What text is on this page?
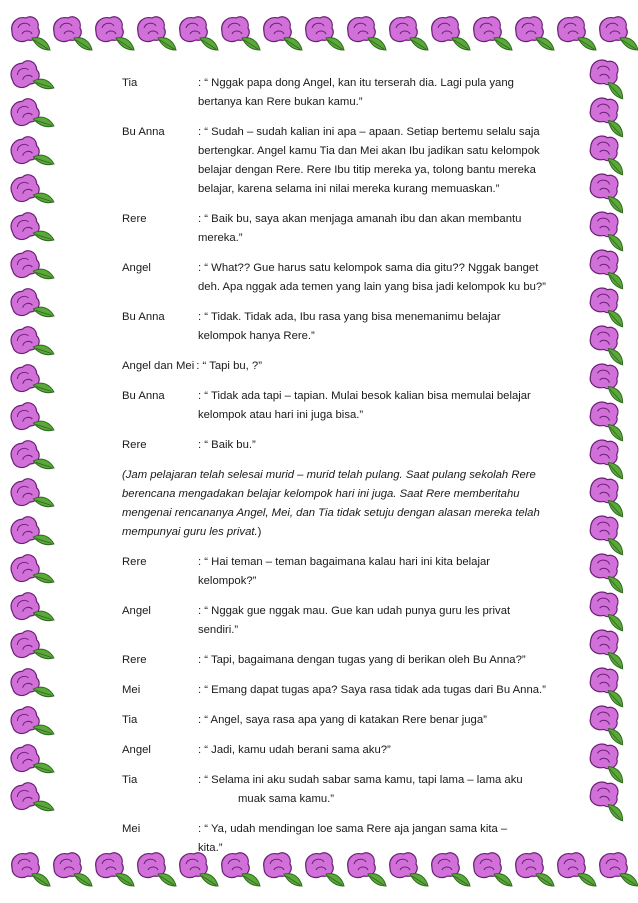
Tia	: “ Nggak papa dong Angel, kan itu terserah dia. Lagi pula yang
bertanya kan Rere bukan kamu.”
Bu Anna	: “ Sudah – sudah kalian ini apa – apaan. Setiap bertemu selalu saja
bertengkar. Angel kamu Tia dan Mei akan Ibu jadikan satu kelompok
belajar dengan Rere. Rere Ibu titip mereka ya, tolong bantu mereka
belajar, karena selama ini nilai mereka kurang memuaskan.”
Rere	: “ Baik bu, saya akan menjaga amanah ibu dan akan membantu
mereka.”
Angel	: “ What?? Gue harus satu kelompok sama dia gitu?? Nggak banget
deh. Apa nggak ada temen yang lain yang bisa jadi kelompok ku bu?”
Bu Anna	: “ Tidak. Tidak ada, Ibu rasa yang bisa menemanimu belajar
kelompok hanya Rere.”
Angel dan Mei : “ Tapi bu, ?”
Bu Anna	: “ Tidak ada tapi – tapian. Mulai besok kalian bisa memulai belajar
kelompok atau hari ini juga bisa.”
Rere	: “ Baik bu.”
(Jam pelajaran telah selesai murid – murid telah pulang. Saat pulang sekolah Rere
berencana mengadakan belajar kelompok hari ini juga. Saat Rere memberitahu
mengenai rencananya Angel, Mei, dan Tia tidak setuju dengan alasan mereka telah
mempunyai guru les privat.)
Rere	: “ Hai teman – teman bagaimana kalau hari ini kita belajar
kelompok?”
Angel	: “ Nggak gue nggak mau. Gue kan udah punya guru les privat
sendiri.”
Rere	: “ Tapi, bagaimana dengan tugas yang di berikan oleh Bu Anna?”
Mei	: “ Emang dapat tugas apa? Saya rasa tidak ada tugas dari Bu Anna.”
Tia	: “ Angel, saya rasa apa yang di katakan Rere benar juga”
Angel	: “ Jadi, kamu udah berani sama aku?”
Tia	: “ Selama ini aku sudah sabar sama kamu, tapi lama – lama aku
muak sama kamu.”
Mei	: “ Ya, udah mendingan loe sama Rere aja jangan sama kita –
kita.”
